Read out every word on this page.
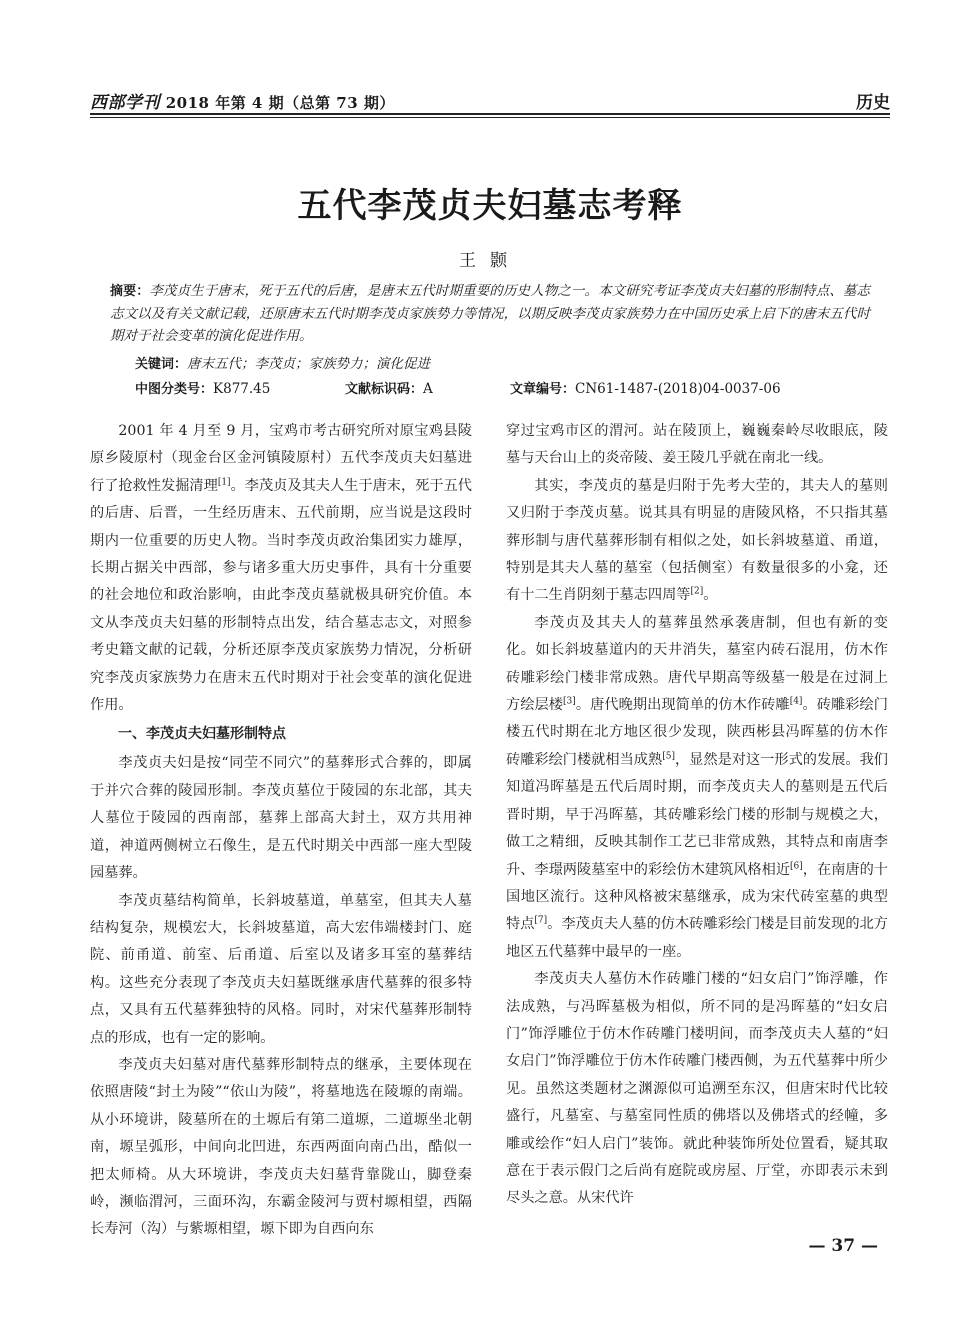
西部学刊 2018 年第 4 期（总第 73 期）	历史
五代李茂贞夫妇墓志考释
王颢
摘要：李茂贞生于唐末，死于五代的后唐，是唐末五代时期重要的历史人物之一。本文研究考证李茂贞夫妇墓的形制特点、墓志志文以及有关文献记载，还原唐末五代时期李茂贞家族势力等情况，以期反映李茂贞家族势力在中国历史承上启下的唐末五代时期对于社会变革的演化促进作用。
关键词：唐末五代；李茂贞；家族势力；演化促进
中图分类号：K877.45	文献标识码：A	文章编号：CN61-1487-(2018)04-0037-06

2001 年 4 月至 9 月，宝鸡市考古研究所对原宝鸡县陵原乡陵原村（现金台区金河镇陵原村）五代李茂贞夫妇墓进行了抢救性发掘清理[1]。李茂贞及其夫人生于唐末，死于五代的后唐、后晋，一生经历唐末、五代前期，应当说是这段时期内一位重要的历史人物。当时李茂贞政治集团实力雄厚，长期占据关中西部，参与诸多重大历史事件，具有十分重要的社会地位和政治影响，由此李茂贞墓就极具研究价值。本文从李茂贞夫妇墓的形制特点出发，结合墓志志文，对照参考史籍文献的记载，分析还原李茂贞家族势力情况，分析研究李茂贞家族势力在唐末五代时期对于社会变革的演化促进作用。

一、李茂贞夫妇墓形制特点

李茂贞夫妇是按“同茔不同穴”的墓葬形式合葬的，即属于并穴合葬的陵园形制。李茂贞墓位于陵园的东北部，其夫人墓位于陵园的西南部，墓葬上部高大封土，双方共用神道，神道两侧树立石像生，是五代时期关中西部一座大型陵园墓葬。

李茂贞墓结构简单，长斜坡墓道，单墓室，但其夫人墓结构复杂，规模宏大，长斜坡墓道，高大宏伟端楼封门、庭院、前甬道、前室、后甬道、后室以及诸多耳室的墓葬结构。这些充分表现了李茂贞夫妇墓既继承唐代墓葬的很多特点，又具有五代墓葬独特的风格。同时，对宋代墓葬形制特点的形成，也有一定的影响。

李茂贞夫妇墓对唐代墓葬形制特点的继承，主要体现在依照唐陵“封土为陵”“依山为陵”，将墓地选在陵塬的南端。从小环境讲，陵墓所在的土塬后有第二道塬，二道塬坐北朝南，塬呈弧形，中间向北凹进，东西两面向南凸出，酷似一把太师椅。从大环境讲，李茂贞夫妇墓背靠陇山，脚登秦岭，濒临渭河，三面环沟，东霸金陵河与贾村塬相望，西隔长寿河（沟）与紫塬相望，塬下即为自西向东

穿过宝鸡市区的渭河。站在陵顶上，巍巍秦岭尽收眼底，陵墓与天台山上的炎帝陵、姜王陵几乎就在南北一线。

其实，李茂贞的墓是归附于先考大茔的，其夫人的墓则又归附于李茂贞墓。说其具有明显的唐陵风格，不只指其墓葬形制与唐代墓葬形制有相似之处，如长斜坡墓道、甬道，特别是其夫人墓的墓室（包括侧室）有数量很多的小龛，还有十二生肖阴刻于墓志四周等[2]。

李茂贞及其夫人的墓葬虽然承袭唐制，但也有新的变化。如长斜坡墓道内的天井消失，墓室内砖石混用，仿木作砖雕彩绘门楼非常成熟。唐代早期高等级墓一般是在过洞上方绘层楼[3]。唐代晚期出现简单的仿木作砖雕[4]。砖雕彩绘门楼五代时期在北方地区很少发现，陕西彬县冯晖墓的仿木作砖雕彩绘门楼就相当成熟[5]，显然是对这一形式的发展。我们知道冯晖墓是五代后周时期，而李茂贞夫人的墓则是五代后晋时期，早于冯晖墓，其砖雕彩绘门楼的形制与规模之大，做工之精细，反映其制作工艺已非常成熟，其特点和南唐李升、李璟两陵墓室中的彩绘仿木建筑风格相近[6]，在南唐的十国地区流行。这种风格被宋墓继承，成为宋代砖室墓的典型特点[7]。李茂贞夫人墓的仿木砖雕彩绘门楼是目前发现的北方地区五代墓葬中最早的一座。

李茂贞夫人墓仿木作砖雕门楼的“妇女启门”饰浮雕，作法成熟，与冯晖墓极为相似，所不同的是冯晖墓的“妇女启门”饰浮雕位于仿木作砖雕门楼明间，而李茂贞夫人墓的“妇女启门”饰浮雕位于仿木作砖雕门楼西侧，为五代墓葬中所少见。虽然这类题材之渊源似可追溯至东汉，但唐宋时代比较盛行，凡墓室、与墓室同性质的佛塔以及佛塔式的经幢，多雕或绘作“妇人启门”装饰。就此种装饰所处位置看，疑其取意在于表示假门之后尚有庭院或房屋、厅堂，亦即表示未到尽头之意。从宋代许

— 37 —
